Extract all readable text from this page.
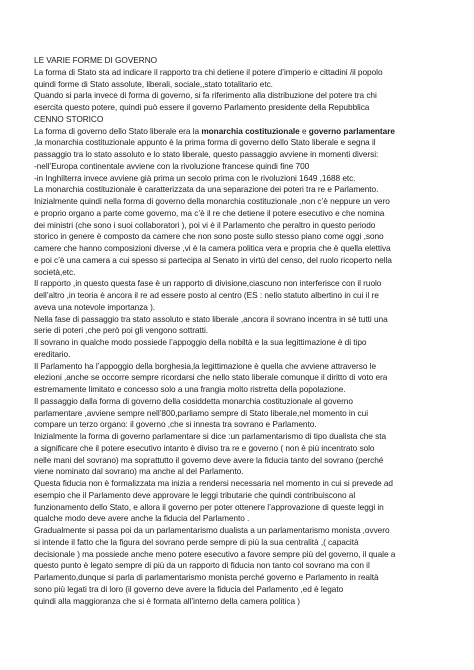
LE VARIE FORME DI GOVERNO
La forma di Stato sta ad indicare il rapporto tra chi detiene il potere d’imperio e cittadini /il popolo
quindi forme di Stato assolute, liberali, sociale,,stato totalitario etc.
Quando si parla invece di forma di governo, si fa riferimento alla distribuzione del potere tra chi
esercita questo potere, quindi può essere il governo Parlamento presidente della Repubblica
CENNO STORICO
La forma di governo dello Stato liberale era la monarchia costituzionale e governo parlamentare
,la monarchia costituzionale appunto è la prima forma di governo dello Stato liberale e segna il
passaggio tra lo stato assoluto e lo stato liberale, questo passaggio avviene in momenti diversi:
-nell’Europa continentale avviene con la rivoluzione francese quindi fine 700
-in Inghilterra invece avviene già prima un secolo prima con le rivoluzioni 1649 ,1688 etc.
La monarchia costituzionale è caratterizzata da una separazione dei poteri tra re e Parlamento.
Inizialmente quindi nella forma di governo della monarchia costituzionale ,non c’è neppure un vero
e proprio organo a parte come governo, ma c’è il re che detiene il potere esecutivo e che nomina
dei ministri (che sono i suoi collaboratori ), poi vi è il Parlamento che peraltro in questo periodo
storico in genere è composto da camere che non sono poste sullo stesso piano come oggi ,sono
camere che hanno composizioni diverse ,vi è la camera politica vera e propria che è quella elettiva
e poi c’è una camera a cui spesso si partecipa al Senato in virtù del censo, del ruolo ricoperto nella
società,etc.
Il rapporto ,in questo questa fase è un rapporto di divisione,ciascuno non interferisce con il ruolo
dell’altro ,in teoria è ancora il re ad essere posto al centro (ES : nello statuto albertino in cui il re
aveva una notevole importanza ).
Nella fase di passaggio tra stato assoluto e stato liberale ,ancora il sovrano incentra in sé tutti una
serie di poteri ,che però poi gli vengono sottratti.
Il sovrano in qualche modo possiede l’appoggio della nobiltà e la sua legittimazione è di tipo
ereditario.
Il Parlamento ha l’appoggio della borghesia,la legittimazione è quella che avviene attraverso le
elezioni ,anche se occorre sempre ricordarsi che nello stato liberale comunque il diritto di voto era
estremamente limitato e concesso solo a una frangia molto ristretta della popolazione.
Il passaggio dalla forma di governo della cosiddetta monarchia costituzionale al governo
parlamentare ,avviene sempre nell’800,parliamo sempre di Stato liberale,nel momento in cui
compare un terzo organo: il governo ,che si innesta tra sovrano e Parlamento.
Inizialmente la forma di governo parlamentare si dice :un parlamentarismo di tipo dualista che sta
a significare che il potere esecutivo intanto è diviso tra re e governo ( non è più incentrato solo
nelle mani del sovrano) ma soprattutto il governo deve avere la fiducia tanto del sovrano (perché
viene nominato dal sovrano) ma anche al del Parlamento.
Questa fiducia non è formalizzata ma inizia a rendersi necessaria nel momento in cui si prevede ad
esempio che il Parlamento deve approvare le leggi tributarie che quindi contribuiscono al
funzionamento dello Stato, e allora il governo per poter ottenere l’approvazione di queste leggi in
qualche modo deve avere anche la fiducia del Parlamento .
Gradualmente si passa poi da un parlamentarismo dualista a un parlamentarismo monista ,ovvero
si intende il fatto che la figura del sovrano perde sempre di più la sua centralità ,( capacità
decisionale ) ma possiede anche meno potere esecutivo a favore sempre più del governo, il quale a
questo punto è legato sempre di più da un rapporto di fiducia non tanto col sovrano ma con il
Parlamento,dunque si parla di parlamentarismo monista perché governo e Parlamento in realtà
sono più legati tra di loro (il governo deve avere la fiducia del Parlamento ,ed è legato
quindi alla maggioranza che si è formata all’interno della camera politica )
